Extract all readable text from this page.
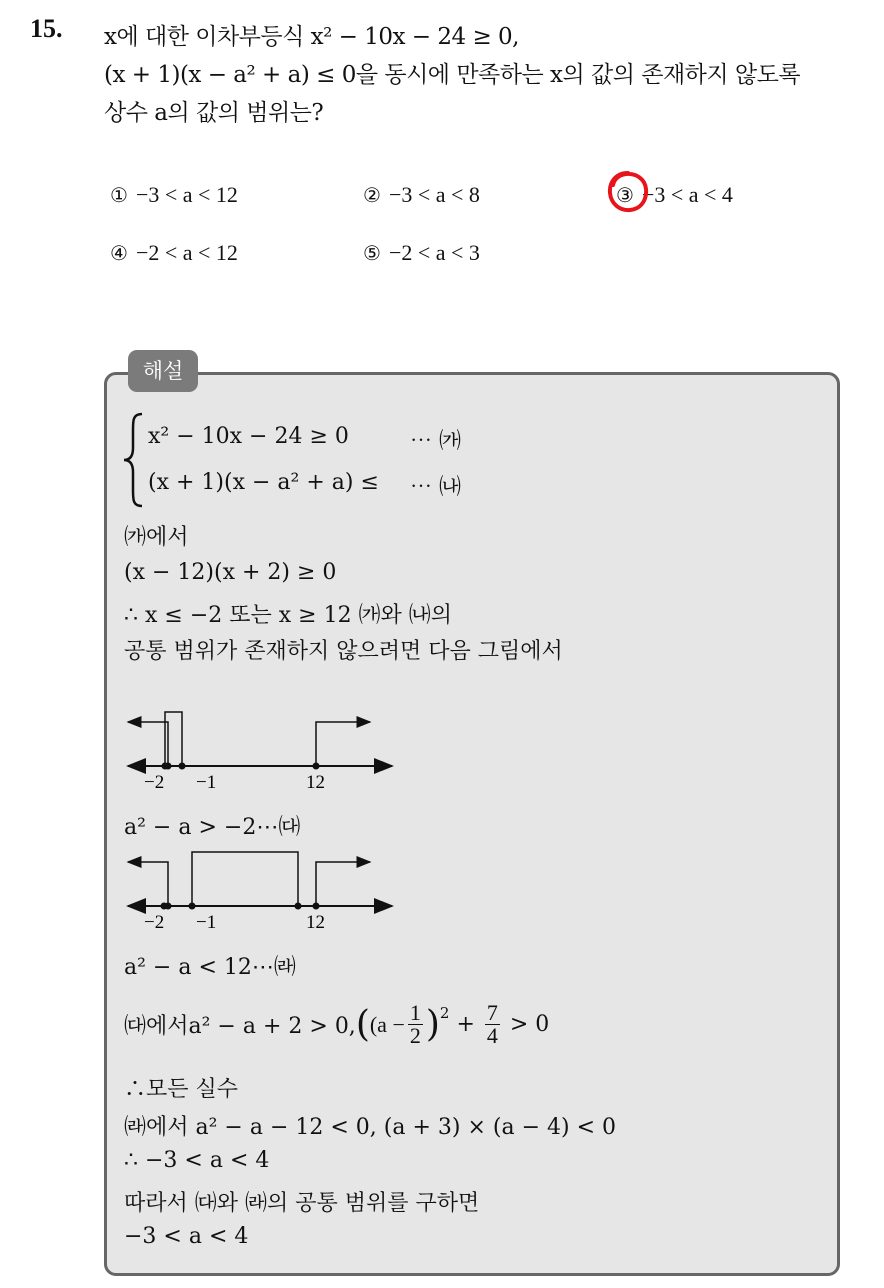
15. x에 대한 이차부등식 x² − 10x − 24 ≥ 0,
(x + 1)(x − a² + a) ≤ 0을 동시에 만족하는 x의 값의 존재하지 않도록
상수 a의 값의 범위는?
① −3 < a < 12	② −3 < a < 8	③ −3 < a < 4
④ −2 < a < 12	⑤ −2 < a < 3
해설
x² − 10x − 24 ≥ 0	⋯ ㈎
(x + 1)(x − a² + a) ≤ ⋯ ㈏
㈎에서
(x − 12)(x + 2) ≥ 0
∴ x ≤ −2 또는 x ≥ 12 ㈎와 ㈏의
공통 범위가 존재하지 않으려면 다음 그림에서
−2 −1	12
a² − a > −2⋯㈐
−2 −1	12
a² − a < 12⋯㈑
㈐에서a² − a + 2 > 0, ( $(a - \frac{1}{2} )^2 + \frac{7}{4} > 0$
∴모든 실수
㈑에서 a² − a − 12 < 0, (a + 3) × (a − 4) < 0
∴ −3 < a < 4
따라서 ㈐와 ㈑의 공통 범위를 구하면
−3 < a < 4
